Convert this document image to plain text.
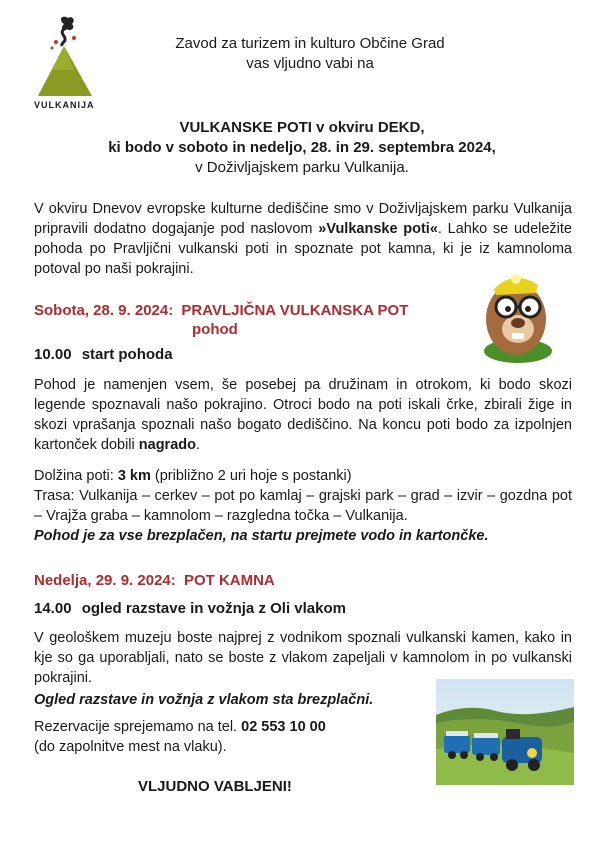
VULKANIJA
Zavod za turizem in kulturo Občine Grad
vas vljudno vabi na
VULKANSKE POTI v okviru DEKD,
ki bodo v soboto in nedeljo, 28. in 29. septembra 2024,
v Doživljajskem parku Vulkanija.
V okviru Dnevov evropske kulturne dediščine smo v Doživljajskem parku Vulkanija pripravili dodatno dogajanje pod naslovom »Vulkanske poti«. Lahko se udeležite pohoda po Pravljični vulkanski poti in spoznate pot kamna, ki je iz kamnoloma potoval po naši pokrajini.
Sobota, 28. 9. 2024: PRAVLJIČNA VULKANSKA POT
pohod
10.00 start pohoda
Pohod je namenjen vsem, še posebej pa družinam in otrokom, ki bodo skozi legende spoznavali našo pokrajino. Otroci bodo na poti iskali črke, zbirali žige in skozi vprašanja spoznali našo bogato dediščino. Na koncu poti bodo za izpolnjen kartonček dobili nagrado.
Dolžina poti: 3 km (približno 2 uri hoje s postanki)
Trasa: Vulkanija – cerkev – pot po kamlaj – grajski park – grad – izvir – gozdna pot – Vrajža graba – kamnolom – razgledna točka – Vulkanija.
Pohod je za vse brezplačen, na startu prejmete vodo in kartončke.
Nedelja, 29. 9. 2024: POT KAMNA
14.00 ogled razstave in vožnja z Oli vlakom
V geološkem muzeju boste najprej z vodnikom spoznali vulkanski kamen, kako in kje so ga uporabljali, nato se boste z vlakom zapeljali v kamnolom in po vulkanski pokrajini.
Ogled razstave in vožnja z vlakom sta brezplačni.
Rezervacije sprejemamo na tel. 02 553 10 00
(do zapolnitve mest na vlaku).
VLJUDNO VABLJENI!
